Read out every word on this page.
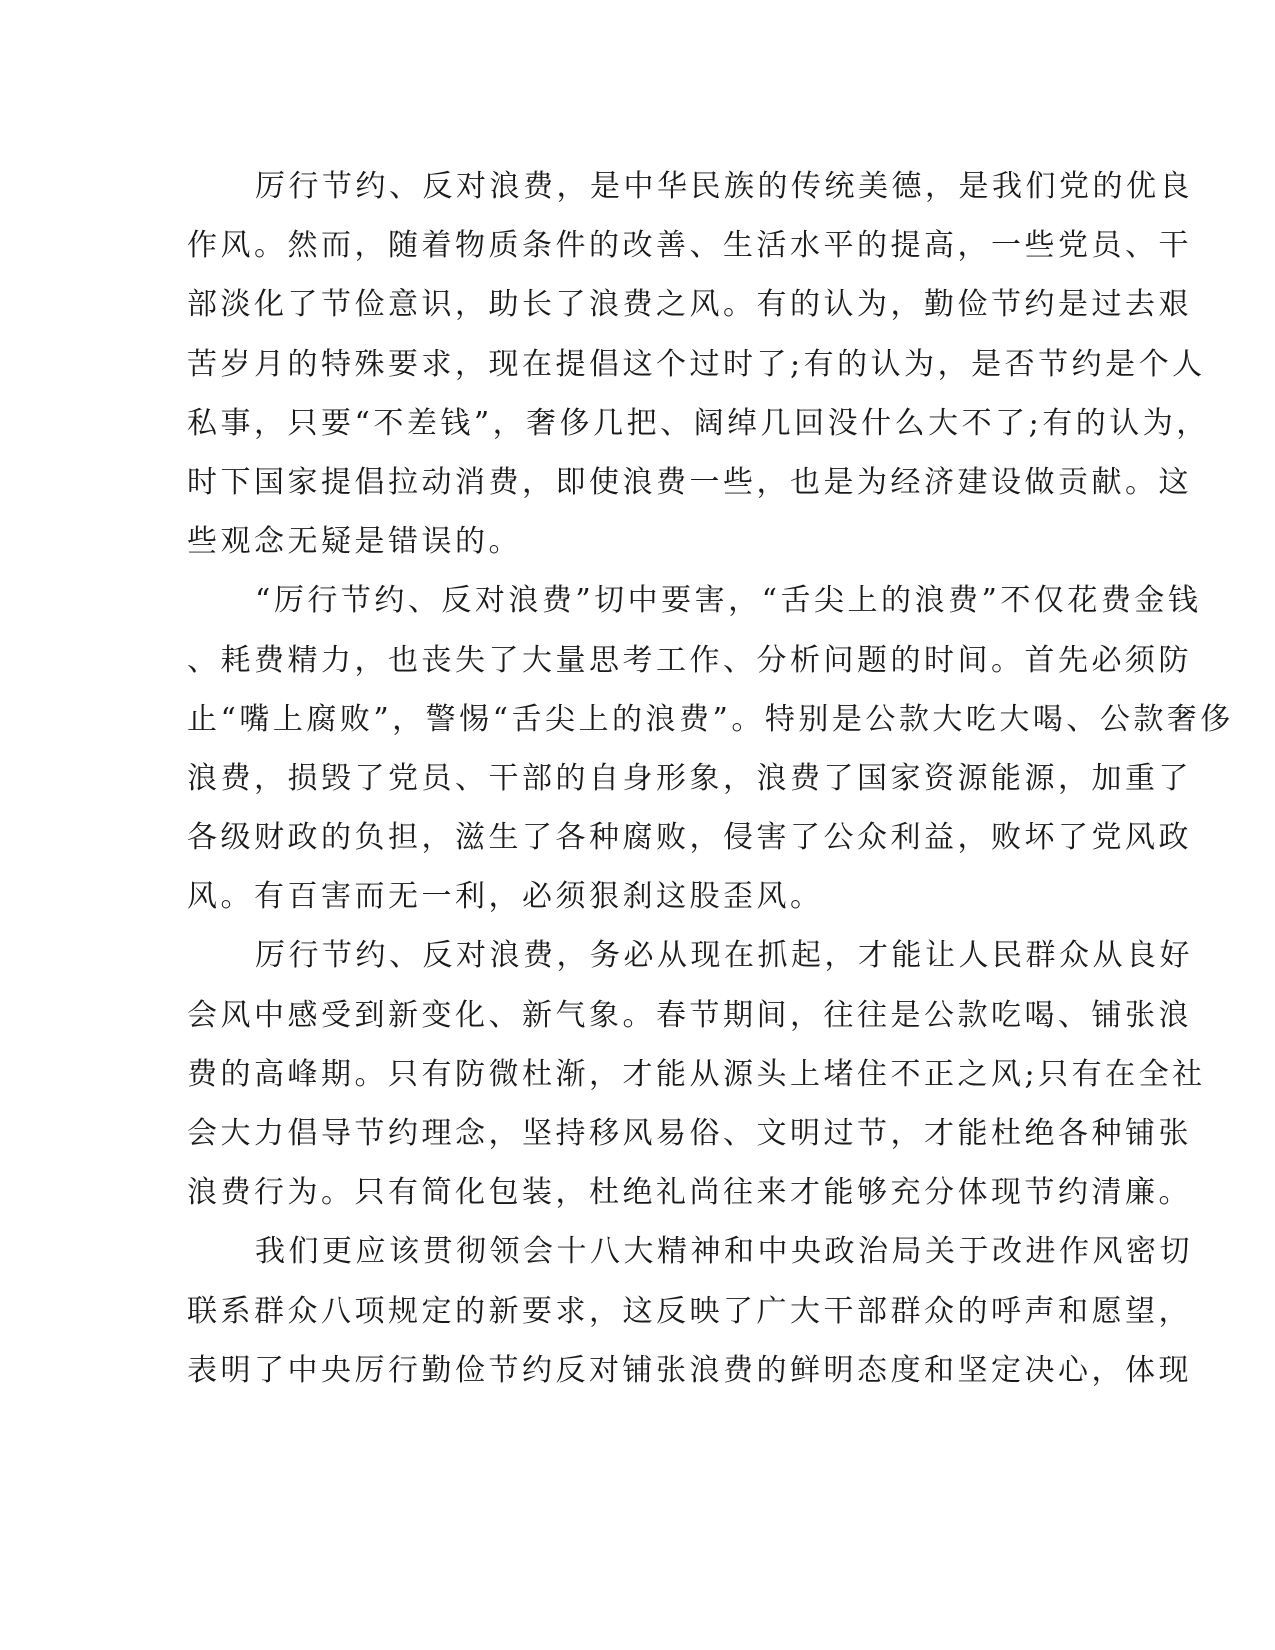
厉行节约、反对浪费，是中华民族的传统美德，是我们党的优良
作风。然而，随着物质条件的改善、生活水平的提高，一些党员、干
部淡化了节俭意识，助长了浪费之风。有的认为，勤俭节约是过去艰
苦岁月的特殊要求，现在提倡这个过时了;有的认为，是否节约是个人
私事，只要“不差钱”，奢侈几把、阔绰几回没什么大不了;有的认为，
时下国家提倡拉动消费，即使浪费一些，也是为经济建设做贡献。这
些观念无疑是错误的。
“厉行节约、反对浪费”切中要害，“舌尖上的浪费”不仅花费金钱
、耗费精力，也丧失了大量思考工作、分析问题的时间。首先必须防
止“嘴上腐败”，警惕“舌尖上的浪费”。特别是公款大吃大喝、公款奢侈
浪费，损毁了党员、干部的自身形象，浪费了国家资源能源，加重了
各级财政的负担，滋生了各种腐败，侵害了公众利益，败坏了党风政
风。有百害而无一利，必须狠刹这股歪风。
厉行节约、反对浪费，务必从现在抓起，才能让人民群众从良好
会风中感受到新变化、新气象。春节期间，往往是公款吃喝、铺张浪
费的高峰期。只有防微杜渐，才能从源头上堵住不正之风;只有在全社
会大力倡导节约理念，坚持移风易俗、文明过节，才能杜绝各种铺张
浪费行为。只有简化包装，杜绝礼尚往来才能够充分体现节约清廉。
我们更应该贯彻领会十八大精神和中央政治局关于改进作风密切
联系群众八项规定的新要求，这反映了广大干部群众的呼声和愿望，
表明了中央厉行勤俭节约反对铺张浪费的鲜明态度和坚定决心，体现
